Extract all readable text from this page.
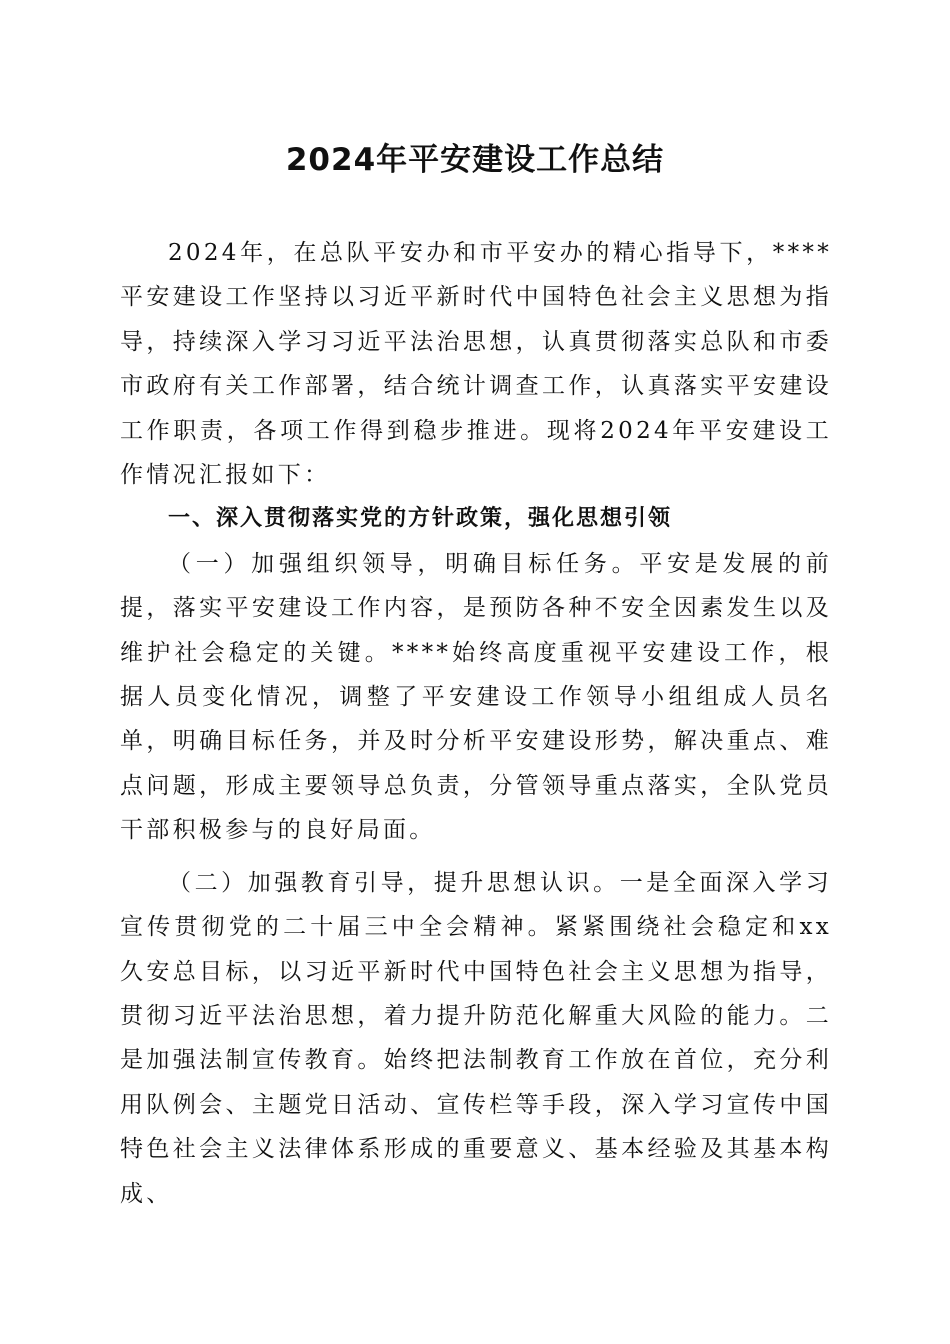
2024年平安建设工作总结

2024年，在总队平安办和市平安办的精心指导下，****平安建设工作坚持以习近平新时代中国特色社会主义思想为指导，持续深入学习习近平法治思想，认真贯彻落实总队和市委市政府有关工作部署，结合统计调查工作，认真落实平安建设工作职责，各项工作得到稳步推进。现将2024年平安建设工作情况汇报如下：

一、深入贯彻落实党的方针政策，强化思想引领

（一）加强组织领导，明确目标任务。平安是发展的前提，落实平安建设工作内容，是预防各种不安全因素发生以及维护社会稳定的关键。****始终高度重视平安建设工作，根据人员变化情况，调整了平安建设工作领导小组组成人员名单，明确目标任务，并及时分析平安建设形势，解决重点、难点问题，形成主要领导总负责，分管领导重点落实，全队党员干部积极参与的良好局面。

（二）加强教育引导，提升思想认识。一是全面深入学习宣传贯彻党的二十届三中全会精神。紧紧围绕社会稳定和xx久安总目标，以习近平新时代中国特色社会主义思想为指导，贯彻习近平法治思想，着力提升防范化解重大风险的能力。二是加强法制宣传教育。始终把法制教育工作放在首位，充分利用队例会、主题党日活动、宣传栏等手段，深入学习宣传中国特色社会主义法律体系形成的重要意义、基本经验及其基本构成、
